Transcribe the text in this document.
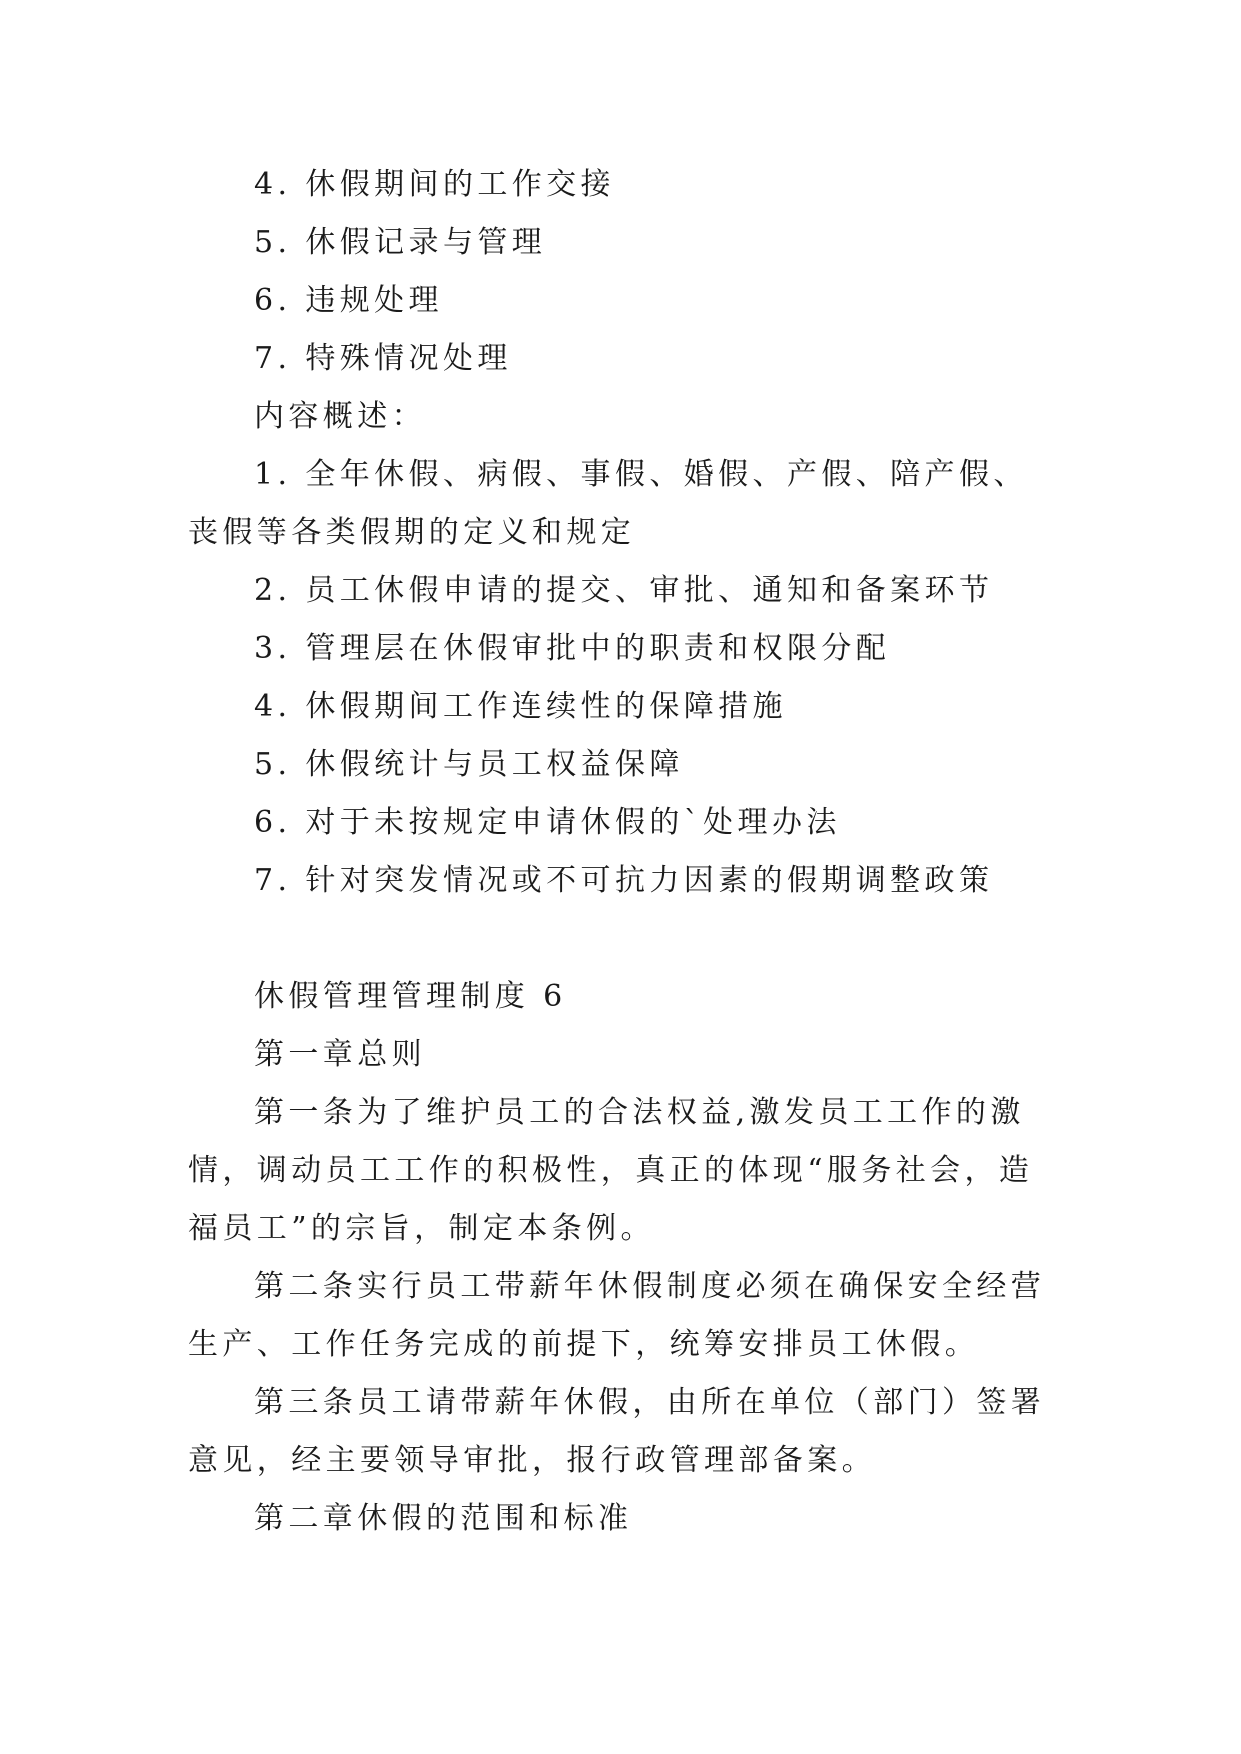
4. 休假期间的工作交接

5. 休假记录与管理

6. 违规处理

7. 特殊情况处理

内容概述：

1. 全年休假、病假、事假、婚假、产假、陪产假、丧假等各类假期的定义和规定

2. 员工休假申请的提交、审批、通知和备案环节

3. 管理层在休假审批中的职责和权限分配

4. 休假期间工作连续性的保障措施

5. 休假统计与员工权益保障

6. 对于未按规定申请休假的`处理办法

7. 针对突发情况或不可抗力因素的假期调整政策

休假管理管理制度 6

第一章总则

第一条为了维护员工的合法权益,激发员工工作的激情，调动员工工作的积极性，真正的体现“服务社会，造福员工”的宗旨，制定本条例。

第二条实行员工带薪年休假制度必须在确保安全经营生产、工作任务完成的前提下，统筹安排员工休假。

第三条员工请带薪年休假，由所在单位（部门）签署意见，经主要领导审批，报行政管理部备案。

第二章休假的范围和标准
